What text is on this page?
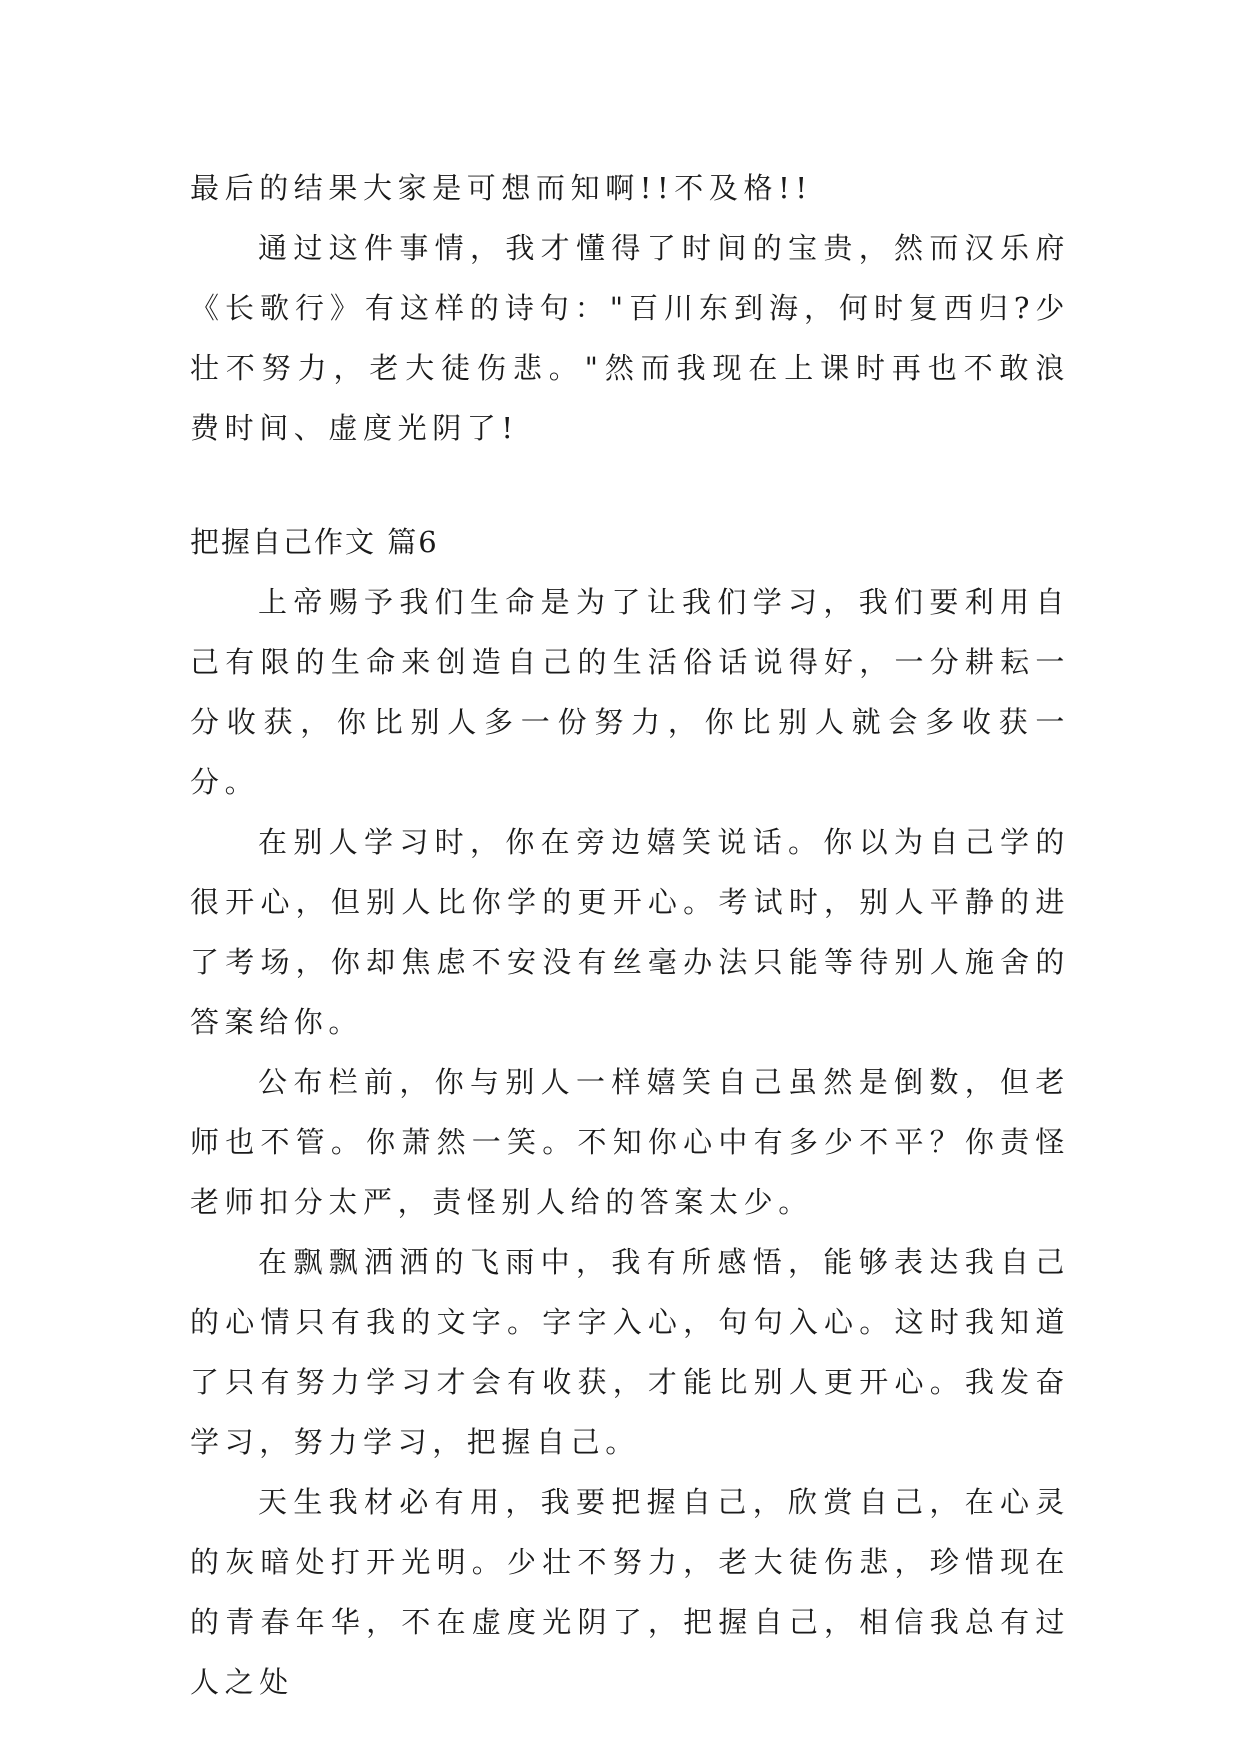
最后的结果大家是可想而知啊!!不及格!!

通过这件事情，我才懂得了时间的宝贵，然而汉乐府《长歌行》有这样的诗句："百川东到海，何时复西归?少壮不努力，老大徒伤悲。"然而我现在上课时再也不敢浪费时间、虚度光阴了!

把握自己作文 篇6

上帝赐予我们生命是为了让我们学习，我们要利用自己有限的生命来创造自己的生活俗话说得好，一分耕耘一分收获，你比别人多一份努力，你比别人就会多收获一分。

在别人学习时，你在旁边嬉笑说话。你以为自己学的很开心，但别人比你学的更开心。考试时，别人平静的进了考场，你却焦虑不安没有丝毫办法只能等待别人施舍的答案给你。

公布栏前，你与别人一样嬉笑自己虽然是倒数，但老师也不管。你萧然一笑。不知你心中有多少不平？你责怪老师扣分太严，责怪别人给的答案太少。

在飘飘洒洒的飞雨中，我有所感悟，能够表达我自己的心情只有我的文字。字字入心，句句入心。这时我知道了只有努力学习才会有收获，才能比别人更开心。我发奋学习，努力学习，把握自己。

天生我材必有用，我要把握自己，欣赏自己，在心灵的灰暗处打开光明。少壮不努力，老大徒伤悲，珍惜现在的青春年华，不在虚度光阴了，把握自己，相信我总有过人之处
